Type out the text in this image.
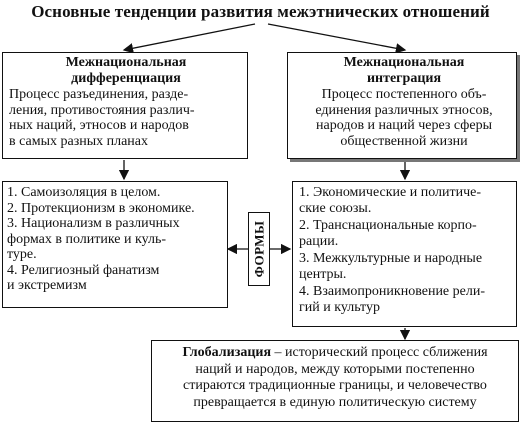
Основные тенденции развития межэтнических отношений
Межнациональная
дифференциация
Процесс разъединения, разде-
ления, противостояния различ-
ных наций, этносов и народов
в самых разных планах
Межнациональная
интеграция
Процесс постепенного объ-
единения различных этносов,
народов и наций через сферы
общественной жизни
1. Самоизоляция в целом.
2. Протекционизм в экономике.
3. Национализм в различных
формах в политике и куль-
туре.
4. Религиозный фанатизм
и экстремизм
ФОРМЫ
1. Экономические и политиче-
ские союзы.
2. Транснациональные корпо-
рации.
3. Межкультурные и народные
центры.
4. Взаимопроникновение рели-
гий и культур

Глобализация – исторический процесс сближения

наций и народов, между которыми постепенно

стираются традиционные границы, и человечество

превращается в единую политическую систему
